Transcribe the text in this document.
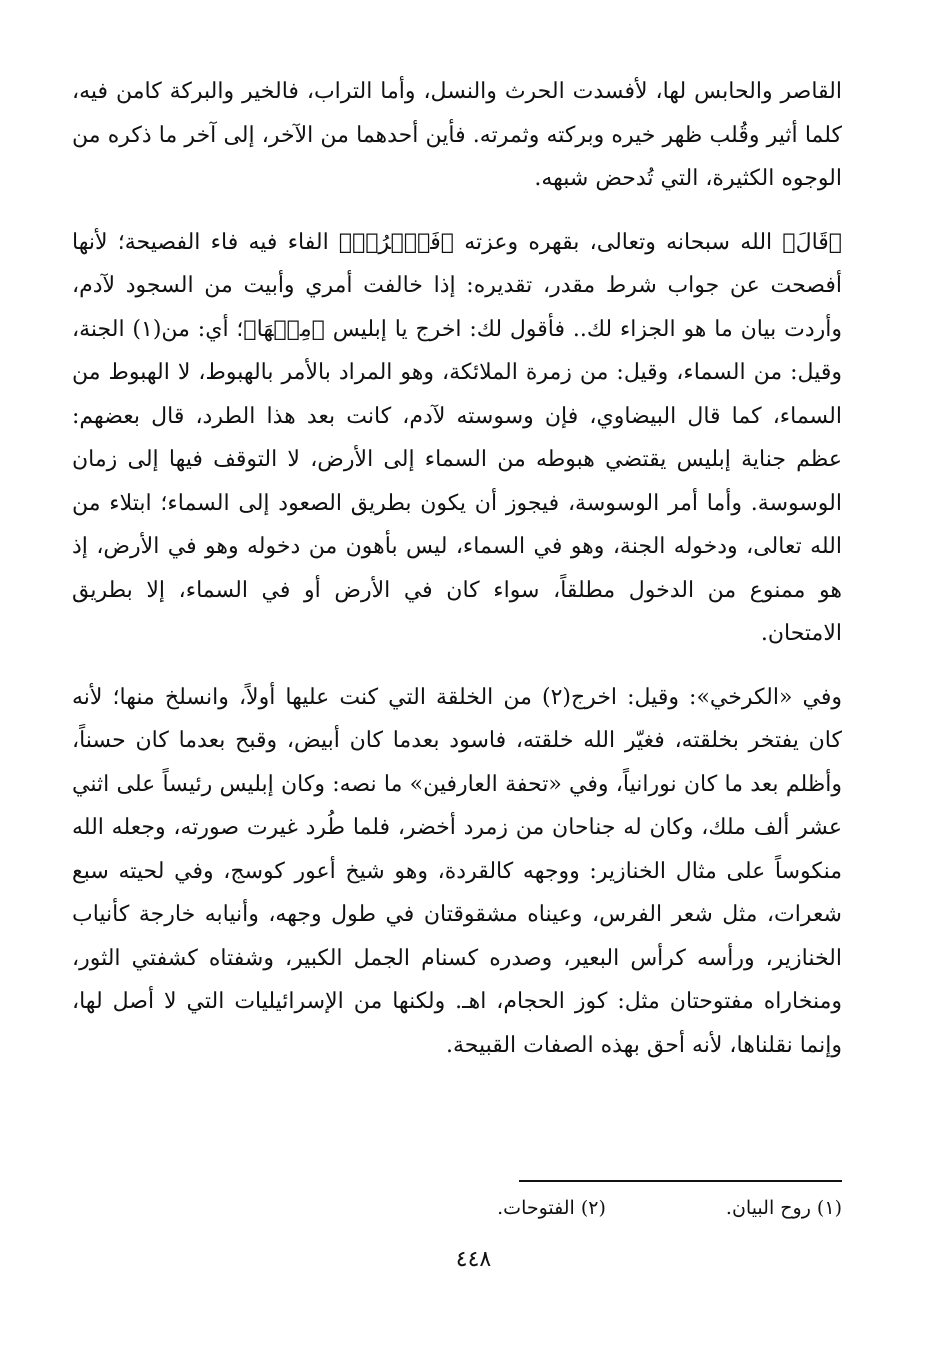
القاصر والحابس لها، لأفسدت الحرث والنسل، وأما التراب، فالخير والبركة كامن فيه، كلما أثير وقُلب ظهر خيره وبركته وثمرته. فأين أحدهما من الآخر، إلى آخر ما ذكره من الوجوه الكثيرة، التي تُدحض شبهه.

﴿قَالَ﴾ الله سبحانه وتعالى، بقهره وعزته ﴿فَٱخۡرُجۡ﴾ الفاء فيه فاء الفصيحة؛ لأنها أفصحت عن جواب شرط مقدر، تقديره: إذا خالفت أمري وأبيت من السجود لآدم، وأردت بيان ما هو الجزاء لك.. فأقول لك: اخرج يا إبليس ﴿مِنۡهَا﴾؛ أي: من(١) الجنة، وقيل: من السماء، وقيل: من زمرة الملائكة، وهو المراد بالأمر بالهبوط، لا الهبوط من السماء، كما قال البيضاوي، فإن وسوسته لآدم، كانت بعد هذا الطرد، قال بعضهم: عظم جناية إبليس يقتضي هبوطه من السماء إلى الأرض، لا التوقف فيها إلى زمان الوسوسة. وأما أمر الوسوسة، فيجوز أن يكون بطريق الصعود إلى السماء؛ ابتلاء من الله تعالى، ودخوله الجنة، وهو في السماء، ليس بأهون من دخوله وهو في الأرض، إذ هو ممنوع من الدخول مطلقاً، سواء كان في الأرض أو في السماء، إلا بطريق الامتحان.

وفي «الكرخي»: وقيل: اخرج(٢) من الخلقة التي كنت عليها أولاً، وانسلخ منها؛ لأنه كان يفتخر بخلقته، فغيّر الله خلقته، فاسود بعدما كان أبيض، وقبح بعدما كان حسناً، وأظلم بعد ما كان نورانياً، وفي «تحفة العارفين» ما نصه: وكان إبليس رئيساً على اثني عشر ألف ملك، وكان له جناحان من زمرد أخضر، فلما طُرد غيرت صورته، وجعله الله منكوساً على مثال الخنازير: ووجهه كالقردة، وهو شيخ أعور كوسج، وفي لحيته سبع شعرات، مثل شعر الفرس، وعيناه مشقوقتان في طول وجهه، وأنيابه خارجة كأنياب الخنازير، ورأسه كرأس البعير، وصدره كسنام الجمل الكبير، وشفتاه كشفتي الثور، ومنخاراه مفتوحتان مثل: كوز الحجام، اهـ. ولكنها من الإسرائيليات التي لا أصل لها، وإنما نقلناها، لأنه أحق بهذه الصفات القبيحة.

(١) روح البيان.
(٢) الفتوحات.
٤٤٨
